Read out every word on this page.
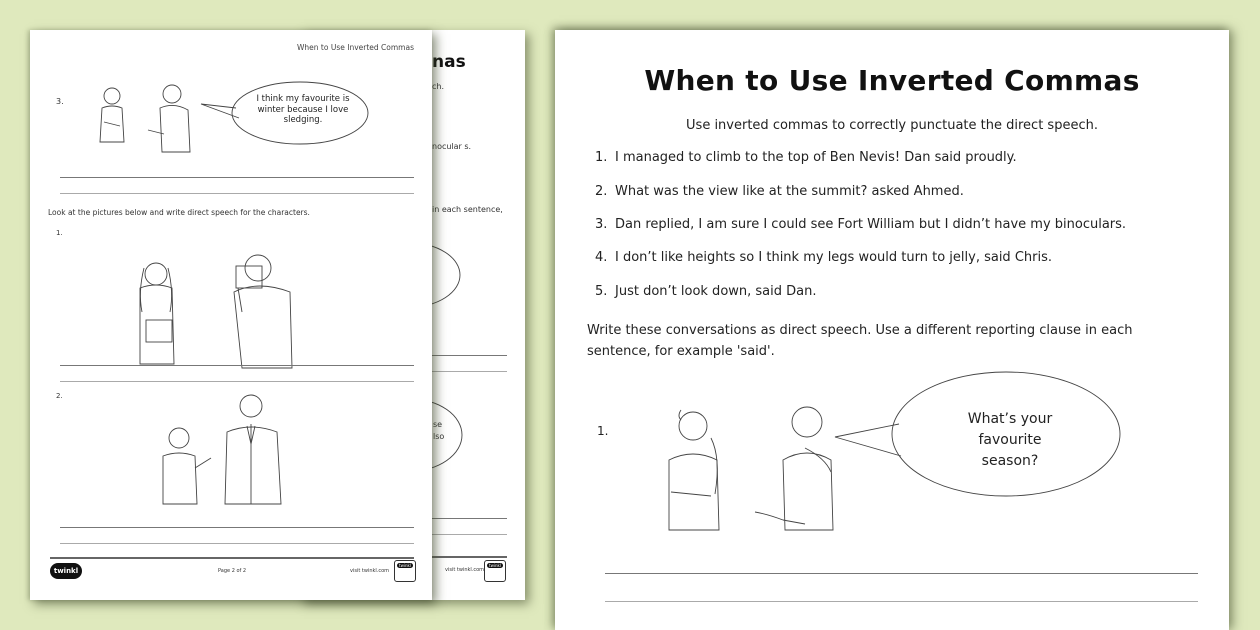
nas
ch.
nocular s.
in each sentence,
se
lso
visit twinkl.com
twinkl
When to Use Inverted Commas
3.	I think my favourite is winter because I love sledging.
Look at the pictures below and write direct speech for the characters.
1.
2.
twinkl	Page 2 of 2	visit twinkl.com
twinkl
When to Use Inverted Commas
Use inverted commas to correctly punctuate the direct speech.
1. I managed to climb to the top of Ben Nevis! Dan said proudly.
2. What was the view like at the summit? asked Ahmed.
3. Dan replied, I am sure I could see Fort William but I didn’t have my binoculars.
4. I don’t like heights so I think my legs would turn to jelly, said Chris.
5. Just don’t look down, said Dan.
Write these conversations as direct speech. Use a different reporting clause in each sentence, for example 'said'.
1.
What’s your favourite season?
